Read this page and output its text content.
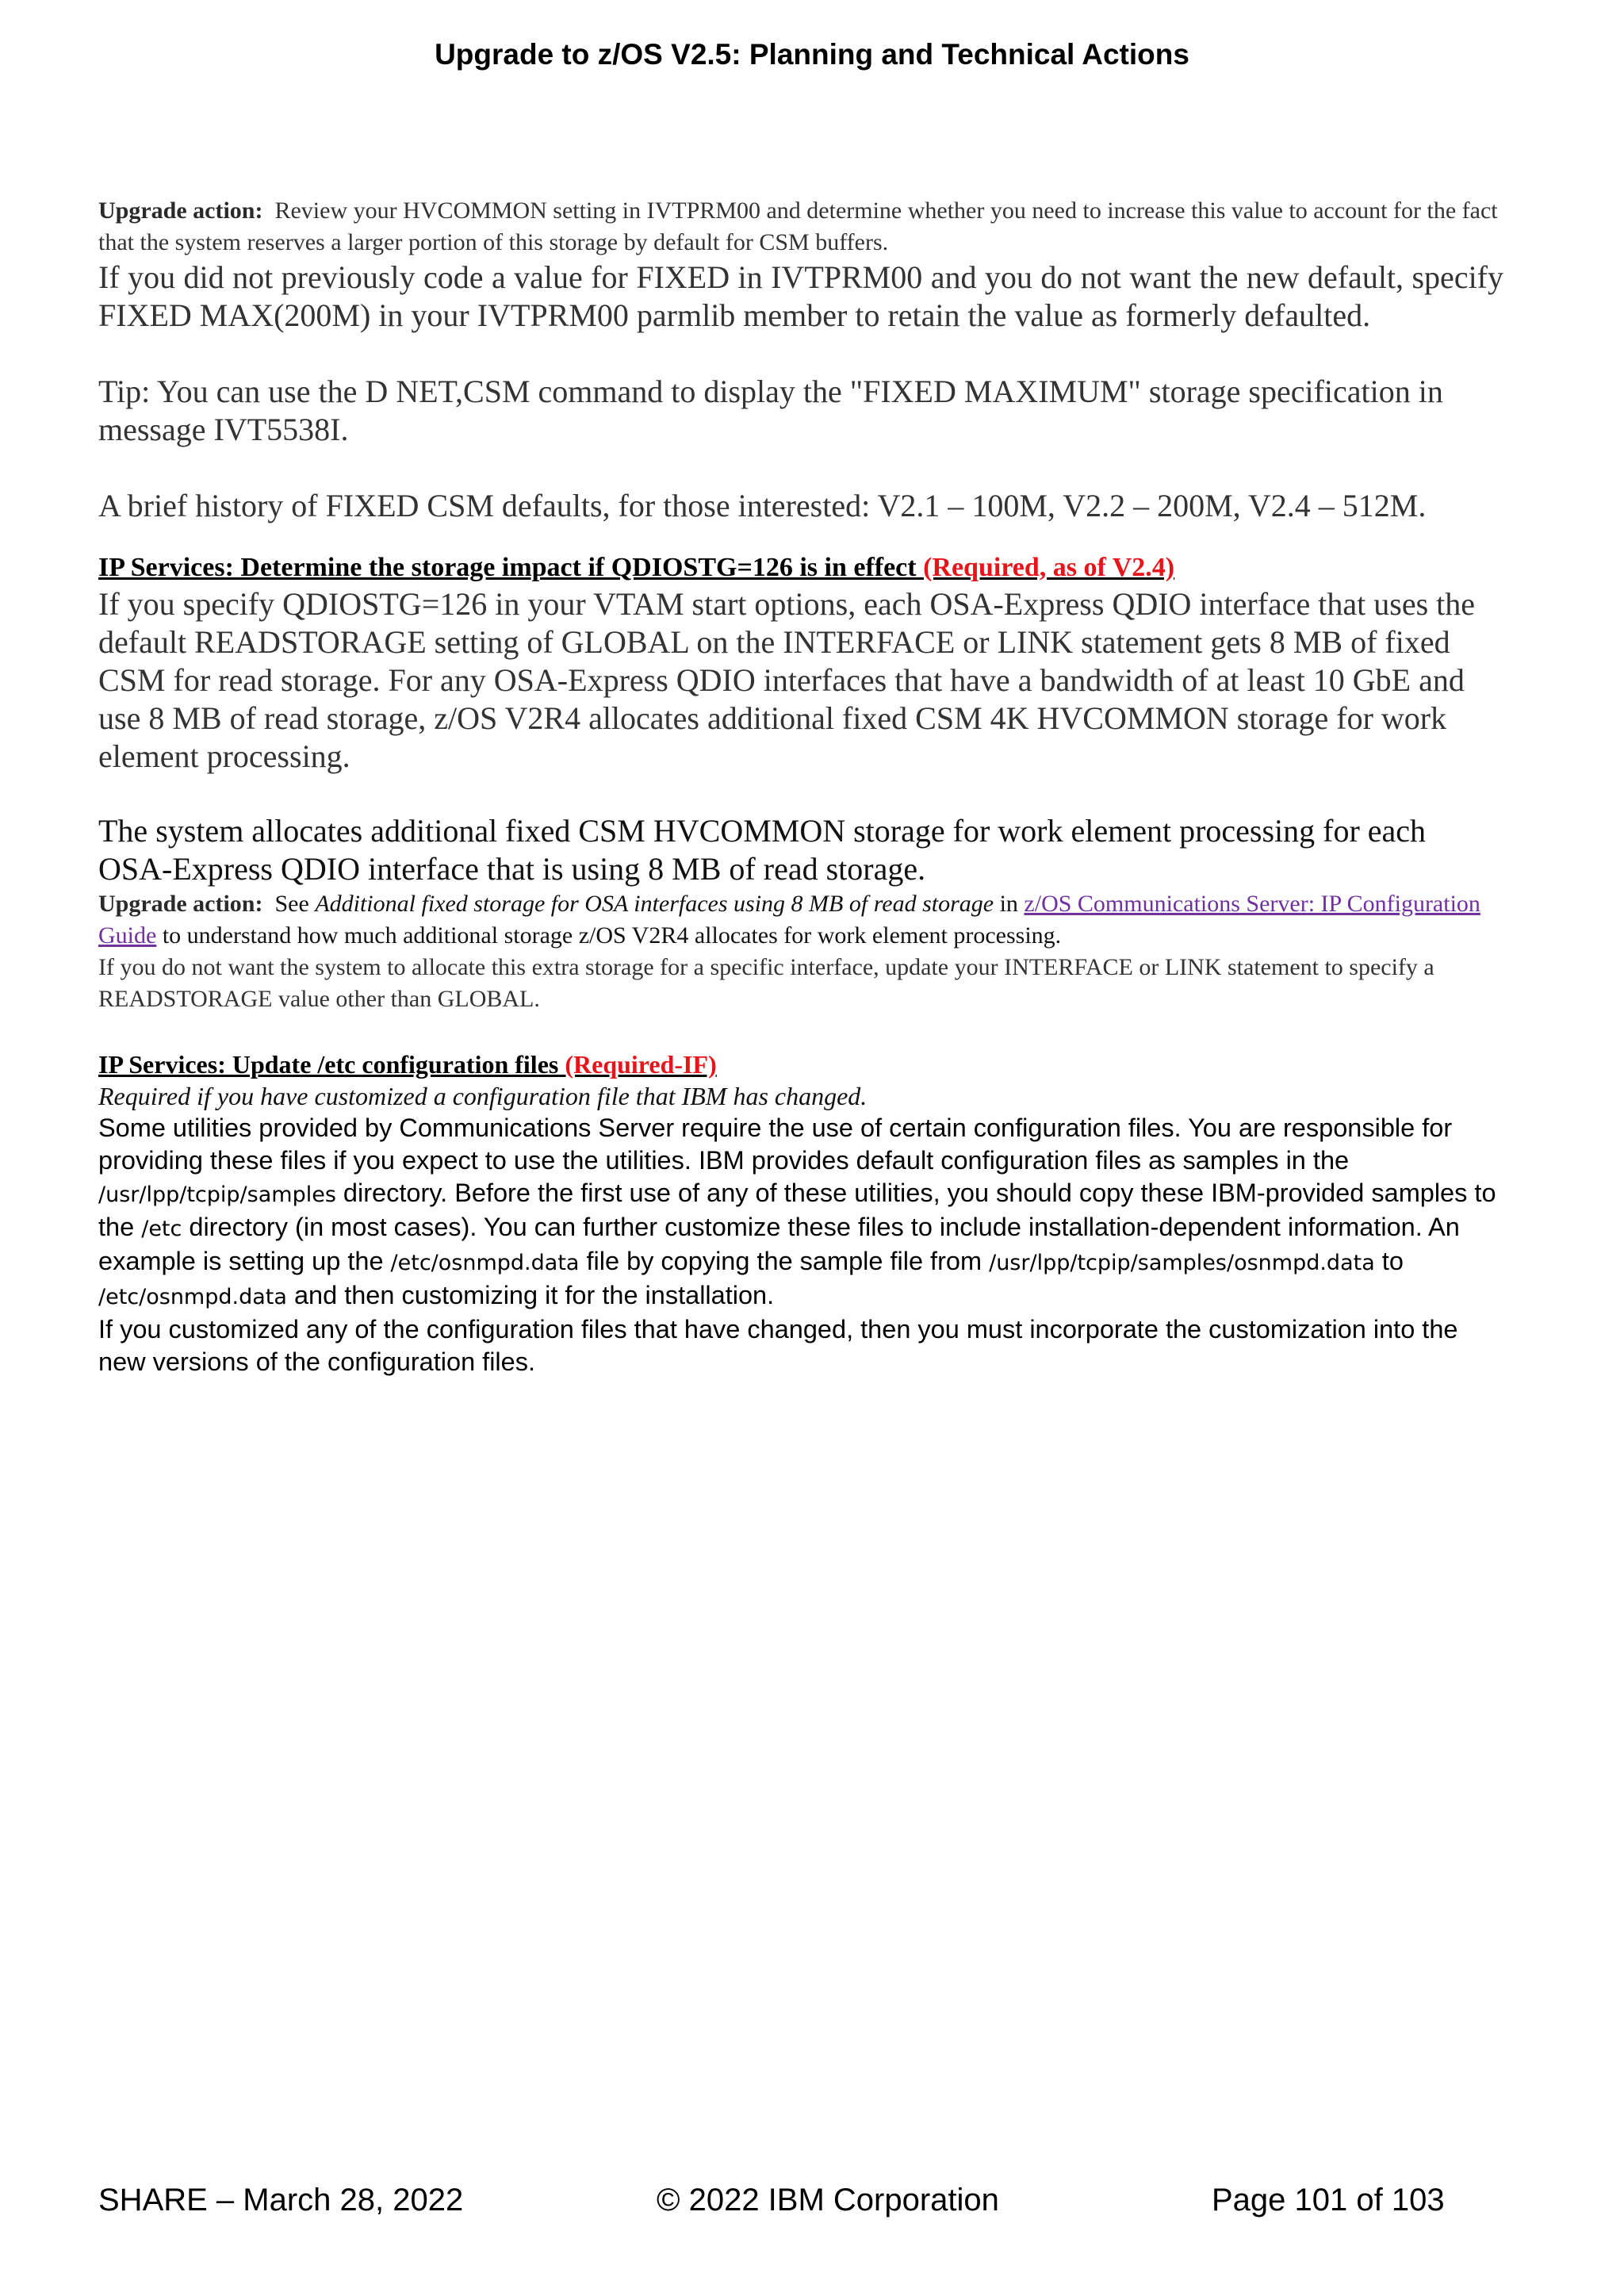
Upgrade to z/OS V2.5: Planning and Technical Actions

Upgrade action: Review your HVCOMMON setting in IVTPRM00 and determine whether you need to increase this value to account for the fact that the system reserves a larger portion of this storage by default for CSM buffers.

If you did not previously code a value for FIXED in IVTPRM00 and you do not want the new default, specify FIXED MAX(200M) in your IVTPRM00 parmlib member to retain the value as formerly defaulted.

Tip: You can use the D NET,CSM command to display the "FIXED MAXIMUM" storage specification in message IVT5538I.

A brief history of FIXED CSM defaults, for those interested: V2.1 – 100M, V2.2 – 200M, V2.4 – 512M.

IP Services: Determine the storage impact if QDIOSTG=126 is in effect (Required, as of V2.4)

If you specify QDIOSTG=126 in your VTAM start options, each OSA-Express QDIO interface that uses the default READSTORAGE setting of GLOBAL on the INTERFACE or LINK statement gets 8 MB of fixed CSM for read storage. For any OSA-Express QDIO interfaces that have a bandwidth of at least 10 GbE and use 8 MB of read storage, z/OS V2R4 allocates additional fixed CSM 4K HVCOMMON storage for work element processing.

The system allocates additional fixed CSM HVCOMMON storage for work element processing for each OSA-Express QDIO interface that is using 8 MB of read storage.

Upgrade action: See Additional fixed storage for OSA interfaces using 8 MB of read storage in z/OS Communications Server: IP Configuration Guide to understand how much additional storage z/OS V2R4 allocates for work element processing.

If you do not want the system to allocate this extra storage for a specific interface, update your INTERFACE or LINK statement to specify a READSTORAGE value other than GLOBAL.

IP Services: Update /etc configuration files (Required-IF)

Required if you have customized a configuration file that IBM has changed.

Some utilities provided by Communications Server require the use of certain configuration files. You are responsible for providing these files if you expect to use the utilities. IBM provides default configuration files as samples in the /usr/lpp/tcpip/samples directory. Before the first use of any of these utilities, you should copy these IBM-provided samples to the /etc directory (in most cases). You can further customize these files to include installation-dependent information. An example is setting up the /etc/osnmpd.data file by copying the sample file from /usr/lpp/tcpip/samples/osnmpd.data to /etc/osnmpd.data and then customizing it for the installation.

If you customized any of the configuration files that have changed, then you must incorporate the customization into the new versions of the configuration files.

SHARE – March 28, 2022	© 2022 IBM Corporation	Page 101 of 103
